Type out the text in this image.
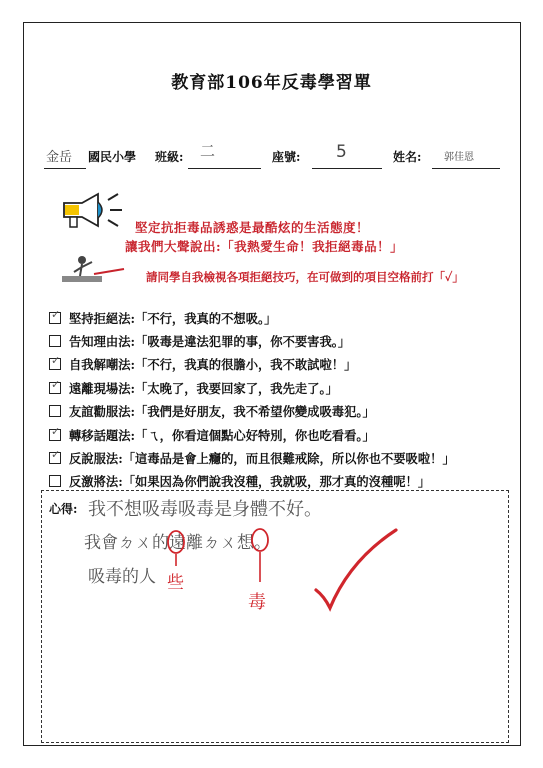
教育部106年反毒學習單
金岳 國民小學 班級: 二	座號: 5	姓名: 郭佳恩
堅定抗拒毒品誘惑是最酷炫的生活態度！
讓我們大聲說出:「我熱愛生命！我拒絕毒品！」
請同學自我檢視各項拒絕技巧，在可做到的項目空格前打「✓」
✓ 堅持拒絕法:「不行，我真的不想吸。」
告知理由法:「吸毒是違法犯罪的事，你不要害我。」
✓ 自我解嘲法:「不行，我真的很膽小，我不敢試啦！」
✓ 遠離現場法:「太晚了，我要回家了，我先走了。」
友誼勸服法:「我們是好朋友，我不希望你變成吸毒犯。」
✓ 轉移話題法:「ㄟ，你看這個點心好特別，你也吃看看。」
✓ 反說服法:「這毒品是會上癮的，而且很難戒除，所以你也不要吸啦！」
反激將法:「如果因為你們說我沒種，我就吸，那才真的沒種呢！」
心得: 我不想吸毒吸毒是身體不好。
我會ㄉㄨ的遠離ㄉㄨ想。
吸毒的人 些
毒
